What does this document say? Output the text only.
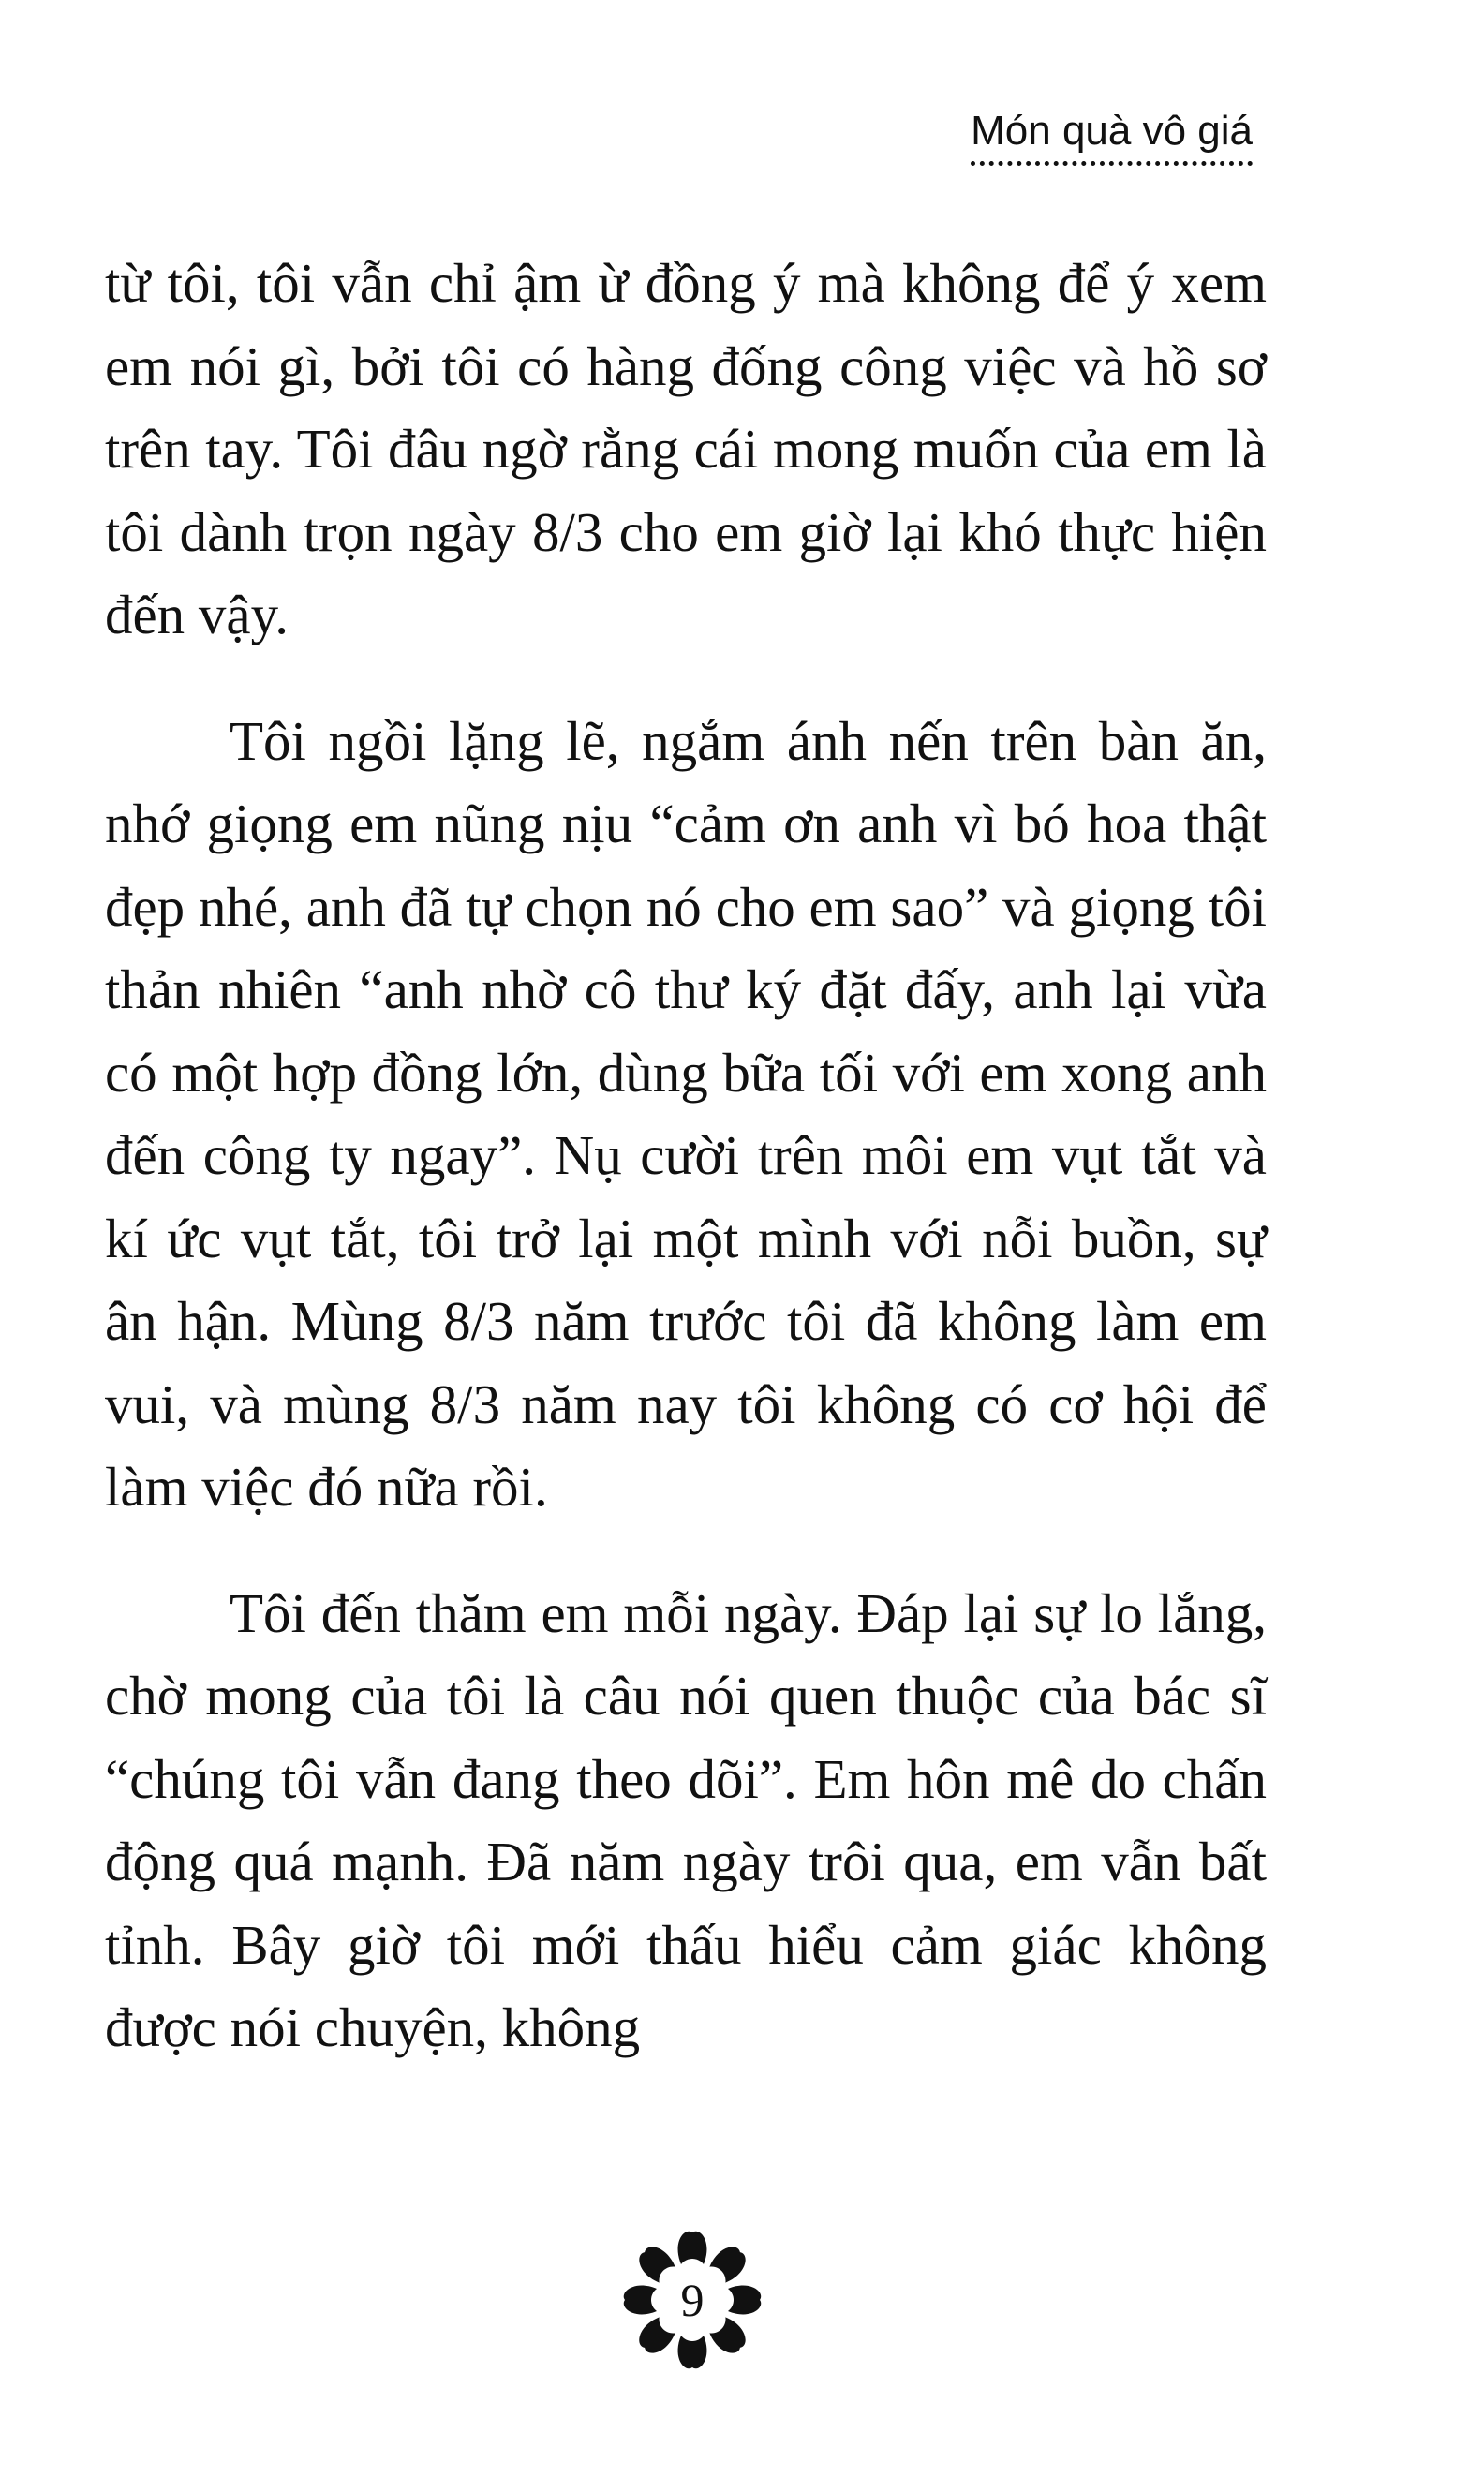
Món quà vô giá

từ tôi, tôi vẫn chỉ ậm ừ đồng ý mà không để ý xem em nói gì, bởi tôi có hàng đống công việc và hồ sơ trên tay. Tôi đâu ngờ rằng cái mong muốn của em là tôi dành trọn ngày 8/3 cho em giờ lại khó thực hiện đến vậy.

Tôi ngồi lặng lẽ, ngắm ánh nến trên bàn ăn, nhớ giọng em nũng nịu “cảm ơn anh vì bó hoa thật đẹp nhé, anh đã tự chọn nó cho em sao” và giọng tôi thản nhiên “anh nhờ cô thư ký đặt đấy, anh lại vừa có một hợp đồng lớn, dùng bữa tối với em xong anh đến công ty ngay”. Nụ cười trên môi em vụt tắt và kí ức vụt tắt, tôi trở lại một mình với nỗi buồn, sự ân hận. Mùng 8/3 năm trước tôi đã không làm em vui, và mùng 8/3 năm nay tôi không có cơ hội để làm việc đó nữa rồi.

Tôi đến thăm em mỗi ngày. Đáp lại sự lo lắng, chờ mong của tôi là câu nói quen thuộc của bác sĩ “chúng tôi vẫn đang theo dõi”. Em hôn mê do chấn động quá mạnh. Đã năm ngày trôi qua, em vẫn bất tỉnh. Bây giờ tôi mới thấu hiểu cảm giác không được nói chuyện, không

9
